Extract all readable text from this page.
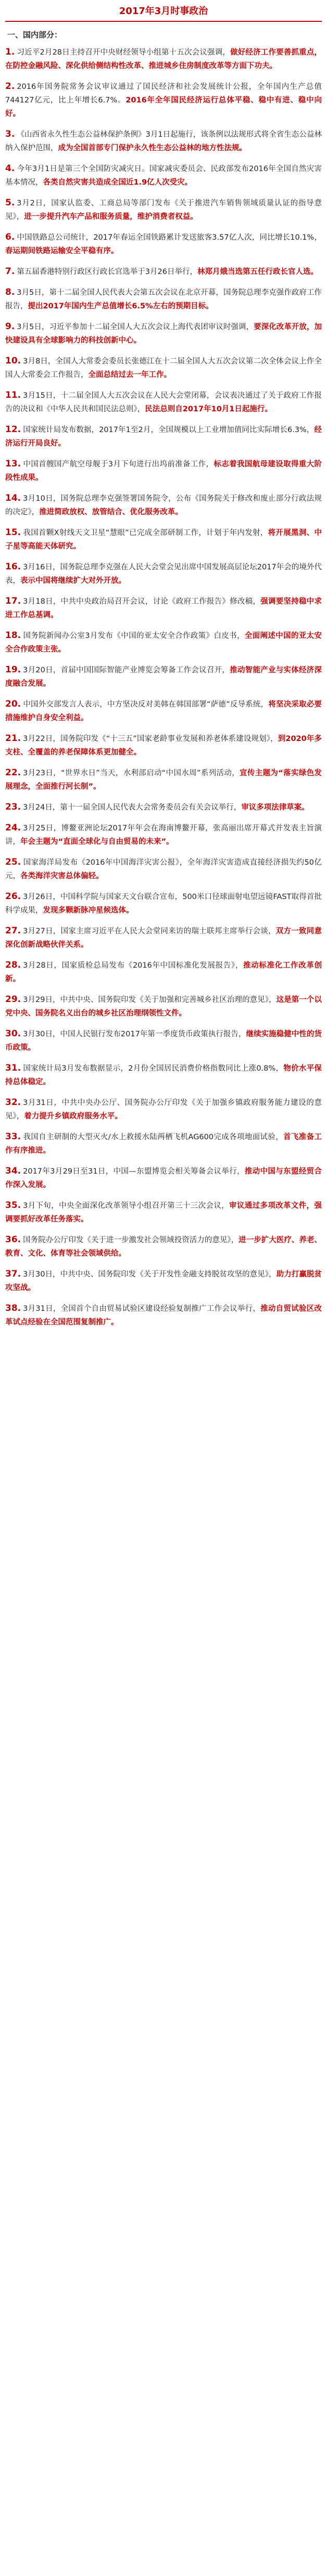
2017年3月时事政治
一、国内部分：

1. 习近平2月28日主持召开中央财经领导小组第十五次会议强调，做好经济工作要善抓重点，在防控金融风险、深化供给侧结构性改革、推进城乡住房制度改革等方面下功夫。

2. 2016年国务院常务会议审议通过了国民经济和社会发展统计公报，全年国内生产总值744127亿元，比上年增长6.7%。2016年全年国民经济运行总体平稳、稳中有进、稳中向好。

3. 《山西省永久性生态公益林保护条例》3月1日起施行，该条例以法规形式将全省生态公益林纳入保护范围，成为全国首部专门保护永久性生态公益林的地方性法规。

4. 今年3月1日是第三个全国防灾减灾日。国家减灾委员会、民政部发布2016年全国自然灾害基本情况，各类自然灾害共造成全国近1.9亿人次受灾。

5. 3月2日，国家认监委、工商总局等部门发布《关于推进汽车销售领域质量认证的指导意见》，进一步提升汽车产品和服务质量，维护消费者权益。

6. 中国铁路总公司统计，2017年春运全国铁路累计发送旅客3.57亿人次，同比增长10.1%，春运期间铁路运输安全平稳有序。

7. 第五届香港特别行政区行政长官选举于3月26日举行，林郑月娥当选第五任行政长官人选。

8. 3月5日，第十二届全国人民代表大会第五次会议在北京开幕，国务院总理李克强作政府工作报告，提出2017年国内生产总值增长6.5%左右的预期目标。

9. 3月5日，习近平参加十二届全国人大五次会议上海代表团审议时强调，要深化改革开放，加快建设具有全球影响力的科技创新中心。

10. 3月8日，全国人大常委会委员长张德江在十二届全国人大五次会议第二次全体会议上作全国人大常委会工作报告，全面总结过去一年工作。

11. 3月15日，十二届全国人大五次会议在人民大会堂闭幕，会议表决通过了关于政府工作报告的决议和《中华人民共和国民法总则》，民法总则自2017年10月1日起施行。

12. 国家统计局发布数据，2017年1至2月，全国规模以上工业增加值同比实际增长6.3%，经济运行开局良好。

13. 中国首艘国产航空母舰于3月下旬进行出坞前准备工作，标志着我国航母建设取得重大阶段性成果。

14. 3月10日，国务院总理李克强签署国务院令，公布《国务院关于修改和废止部分行政法规的决定》，推进简政放权、放管结合、优化服务改革。

15. 我国首颗X射线天文卫星“慧眼”已完成全部研制工作，计划于年内发射，将开展黑洞、中子星等高能天体研究。

16. 3月16日，国务院总理李克强在人民大会堂会见出席中国发展高层论坛2017年会的境外代表，表示中国将继续扩大对外开放。

17. 3月18日，中共中央政治局召开会议，讨论《政府工作报告》修改稿，强调要坚持稳中求进工作总基调。

18. 国务院新闻办公室3月发布《中国的亚太安全合作政策》白皮书，全面阐述中国的亚太安全合作政策主张。

19. 3月20日，首届中国国际智能产业博览会筹备工作会议召开，推动智能产业与实体经济深度融合发展。

20. 中国外交部发言人表示，中方坚决反对美韩在韩国部署“萨德”反导系统，将坚决采取必要措施维护自身安全利益。

21. 3月22日，国务院印发《“十三五”国家老龄事业发展和养老体系建设规划》，到2020年多支柱、全覆盖的养老保障体系更加健全。

22. 3月23日，“世界水日”当天，水利部启动“中国水周”系列活动，宣传主题为“落实绿色发展理念，全面推行河长制”。

23. 3月24日，第十一届全国人民代表大会常务委员会有关会议举行，审议多项法律草案。

24. 3月25日，博鳌亚洲论坛2017年年会在海南博鳌开幕，张高丽出席开幕式并发表主旨演讲，年会主题为“直面全球化与自由贸易的未来”。

25. 国家海洋局发布《2016年中国海洋灾害公报》，全年海洋灾害造成直接经济损失约50亿元，各类海洋灾害总体偏轻。

26. 3月26日，中国科学院与国家天文台联合宣布，500米口径球面射电望远镜FAST取得首批科学成果，发现多颗新脉冲星候选体。

27. 3月27日，国家主席习近平在人民大会堂同来访的瑞士联邦主席举行会谈，双方一致同意深化创新战略伙伴关系。

28. 3月28日，国家质检总局发布《2016年中国标准化发展报告》，推动标准化工作改革创新。

29. 3月29日，中共中央、国务院印发《关于加强和完善城乡社区治理的意见》，这是第一个以党中央、国务院名义出台的城乡社区治理纲领性文件。

30. 3月30日，中国人民银行发布2017年第一季度货币政策执行报告，继续实施稳健中性的货币政策。

31. 国家统计局3月发布数据显示，2月份全国居民消费价格指数同比上涨0.8%，物价水平保持总体稳定。

32. 3月31日，中共中央办公厅、国务院办公厅印发《关于加强乡镇政府服务能力建设的意见》，着力提升乡镇政府服务水平。

33. 我国自主研制的大型灭火/水上救援水陆两栖飞机AG600完成各项地面试验，首飞准备工作有序推进。

34. 2017年3月29日至31日，中国—东盟博览会相关筹备会议举行，推动中国与东盟经贸合作深入发展。

35. 3月下旬，中央全面深化改革领导小组召开第三十三次会议，审议通过多项改革文件，强调要抓好改革任务落实。

36. 国务院办公厅印发《关于进一步激发社会领域投资活力的意见》，进一步扩大医疗、养老、教育、文化、体育等社会领域供给。

37. 3月30日，中共中央、国务院印发《关于开发性金融支持脱贫攻坚的意见》，助力打赢脱贫攻坚战。

38. 3月31日，全国首个自由贸易试验区建设经验复制推广工作会议举行，推动自贸试验区改革试点经验在全国范围复制推广。
